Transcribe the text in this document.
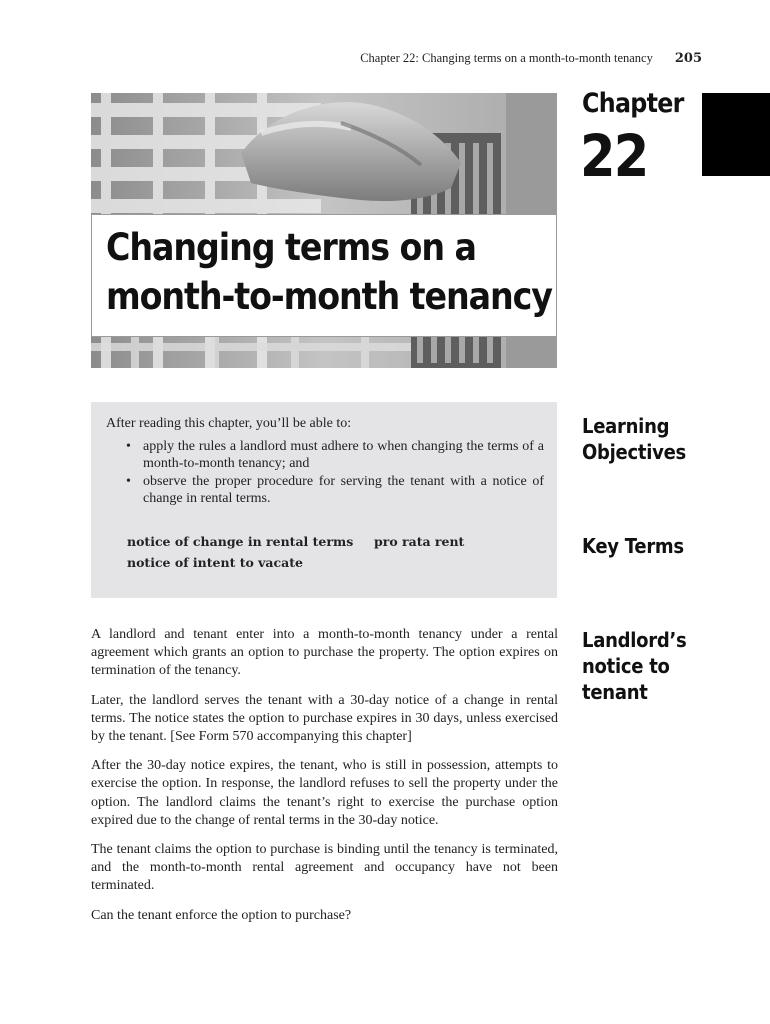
Chapter 22: Changing terms on a month-to-month tenancy 205
Changing terms on a
month-to-month tenancy
Chapter
22
After reading this chapter, you’ll be able to:
• apply the rules a landlord must adhere to when changing the terms of a month-to-month tenancy; and
• observe the proper procedure for serving the tenant with a notice of change in rental terms.
notice of change in rental terms pro rata rent
notice of intent to vacate
Learning Objectives
Key Terms
Landlord’s
notice to
tenant

A landlord and tenant enter into a month-to-month tenancy under a rental agreement which grants an option to purchase the property. The option expires on termination of the tenancy.

Later, the landlord serves the tenant with a 30-day notice of a change in rental terms. The notice states the option to purchase expires in 30 days, unless exercised by the tenant. [See Form 570 accompanying this chapter]

After the 30-day notice expires, the tenant, who is still in possession, attempts to exercise the option. In response, the landlord refuses to sell the property under the option. The landlord claims the tenant’s right to exercise the purchase option expired due to the change of rental terms in the 30-day notice.

The tenant claims the option to purchase is binding until the tenancy is terminated, and the month-to-month rental agreement and occupancy have not been terminated.

Can the tenant enforce the option to purchase?
